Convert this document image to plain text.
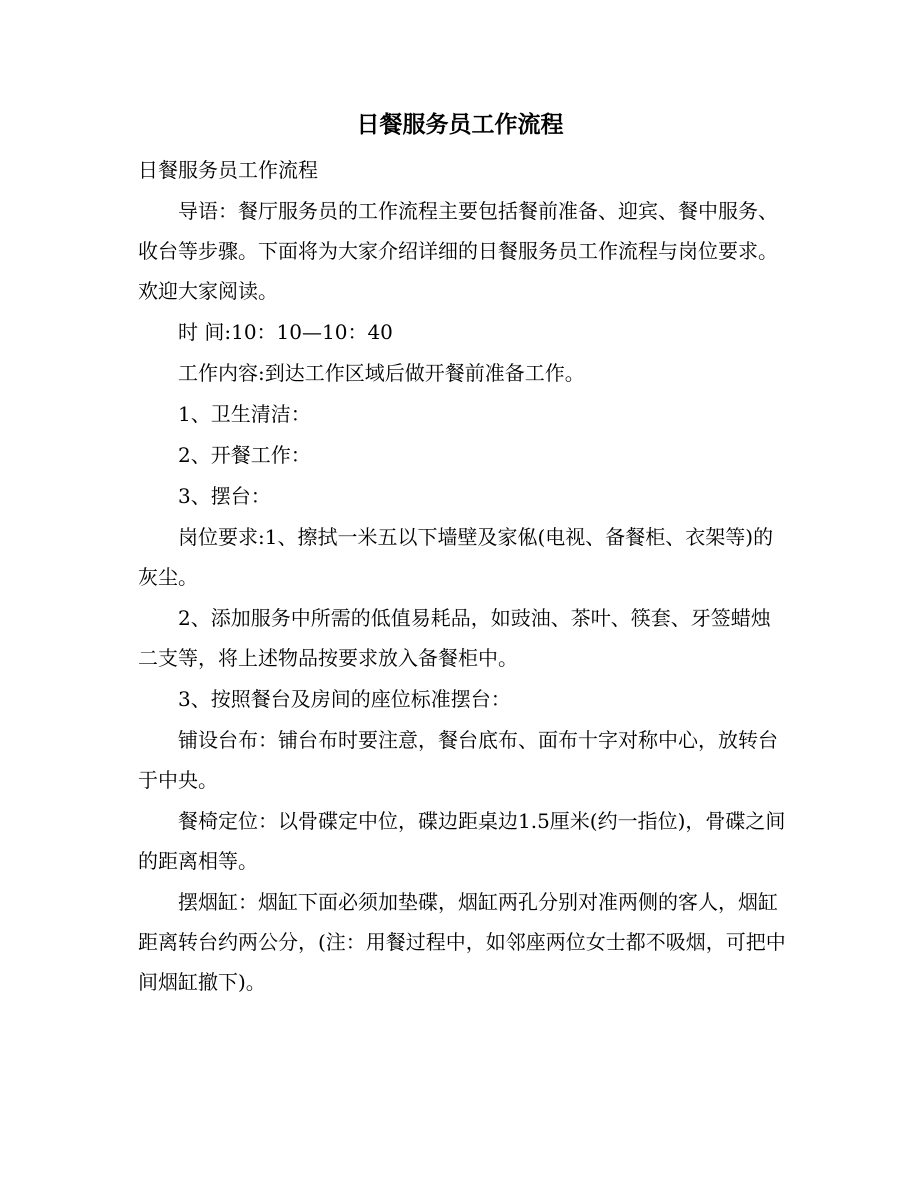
日餐服务员工作流程

日餐服务员工作流程

导语：餐厅服务员的工作流程主要包括餐前准备、迎宾、餐中服务、收台等步骤。下面将为大家介绍详细的日餐服务员工作流程与岗位要求。欢迎大家阅读。

时 间:10：10—10：40

工作内容:到达工作区域后做开餐前准备工作。

1、卫生清洁：

2、开餐工作：

3、摆台：

岗位要求:1、擦拭一米五以下墙壁及家俬(电视、备餐柜、衣架等)的灰尘。

2、添加服务中所需的低值易耗品，如豉油、茶叶、筷套、牙签蜡烛二支等，将上述物品按要求放入备餐柜中。

3、按照餐台及房间的座位标准摆台：

铺设台布：铺台布时要注意，餐台底布、面布十字对称中心，放转台于中央。

餐椅定位：以骨碟定中位，碟边距桌边1.5厘米(约一指位)，骨碟之间的距离相等。

摆烟缸：烟缸下面必须加垫碟，烟缸两孔分别对准两侧的客人，烟缸距离转台约两公分，(注：用餐过程中，如邻座两位女士都不吸烟，可把中间烟缸撤下)。
